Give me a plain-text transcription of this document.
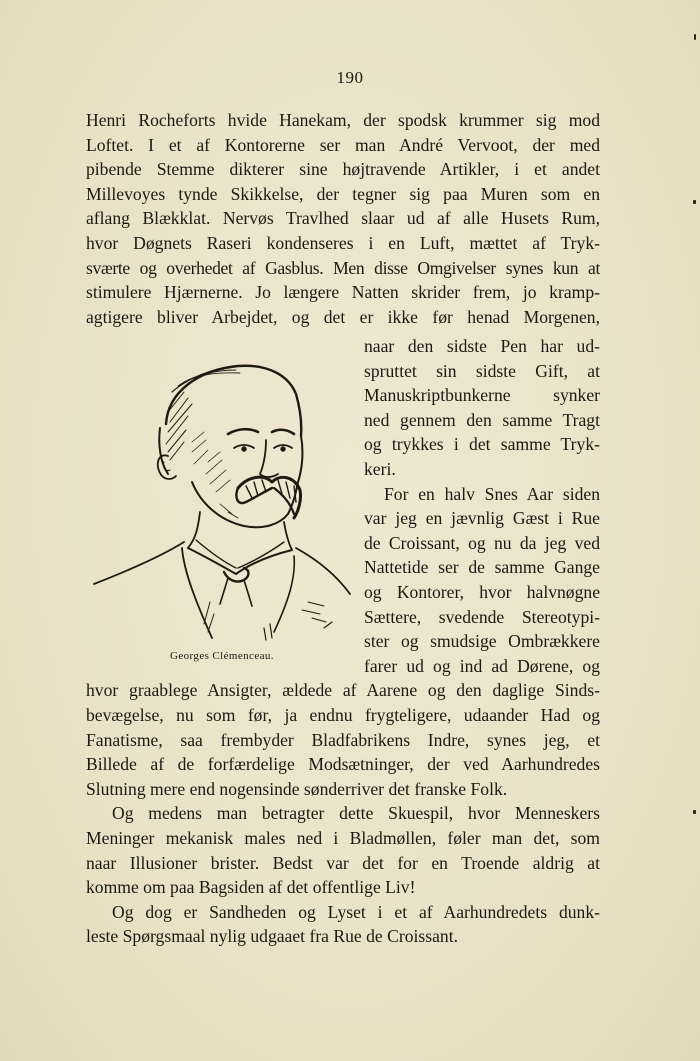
190
Henri Rocheforts hvide Hanekam, der spodsk krummer sig mod
Loftet. I et af Kontorerne ser man André Vervoot, der med
pibende Stemme dikterer sine højtravende Artikler, i et andet
Millevoyes tynde Skikkelse, der tegner sig paa Muren som en
aflang Blækklat. Nervøs Travlhed slaar ud af alle Husets Rum,
hvor Døgnets Raseri kondenseres i en Luft, mættet af Tryk-
sværte og overhedet af Gasblus. Men disse Omgivelser synes kun at
stimulere Hjærnerne. Jo længere Natten skrider frem, jo kramp-
agtigere bliver Arbejdet, og det er ikke før henad Morgenen,
naar den sidste Pen har ud-
spruttet sin sidste Gift, at
Manuskriptbunkerne synker
ned gennem den samme Tragt
og trykkes i det samme Tryk-
keri.
For en halv Snes Aar siden
var jeg en jævnlig Gæst i Rue
de Croissant, og nu da jeg ved
Nattetide ser de samme Gange
og Kontorer, hvor halvnøgne
Sættere, svedende Stereotypi-
ster og smudsige Ombrækkere
farer ud og ind ad Dørene, og
Georges Clémenceau.
hvor graablege Ansigter, ældede af Aarene og den daglige Sinds-
bevægelse, nu som før, ja endnu frygteligere, udaander Had og
Fanatisme, saa frembyder Bladfabrikens Indre, synes jeg, et
Billede af de forfærdelige Modsætninger, der ved Aarhundredes
Slutning mere end nogensinde sønderriver det franske Folk.
Og medens man betragter dette Skuespil, hvor Menneskers
Meninger mekanisk males ned i Bladmøllen, føler man det, som
naar Illusioner brister. Bedst var det for en Troende aldrig at
komme om paa Bagsiden af det offentlige Liv!
Og dog er Sandheden og Lyset i et af Aarhundredets dunk-
leste Spørgsmaal nylig udgaaet fra Rue de Croissant.
